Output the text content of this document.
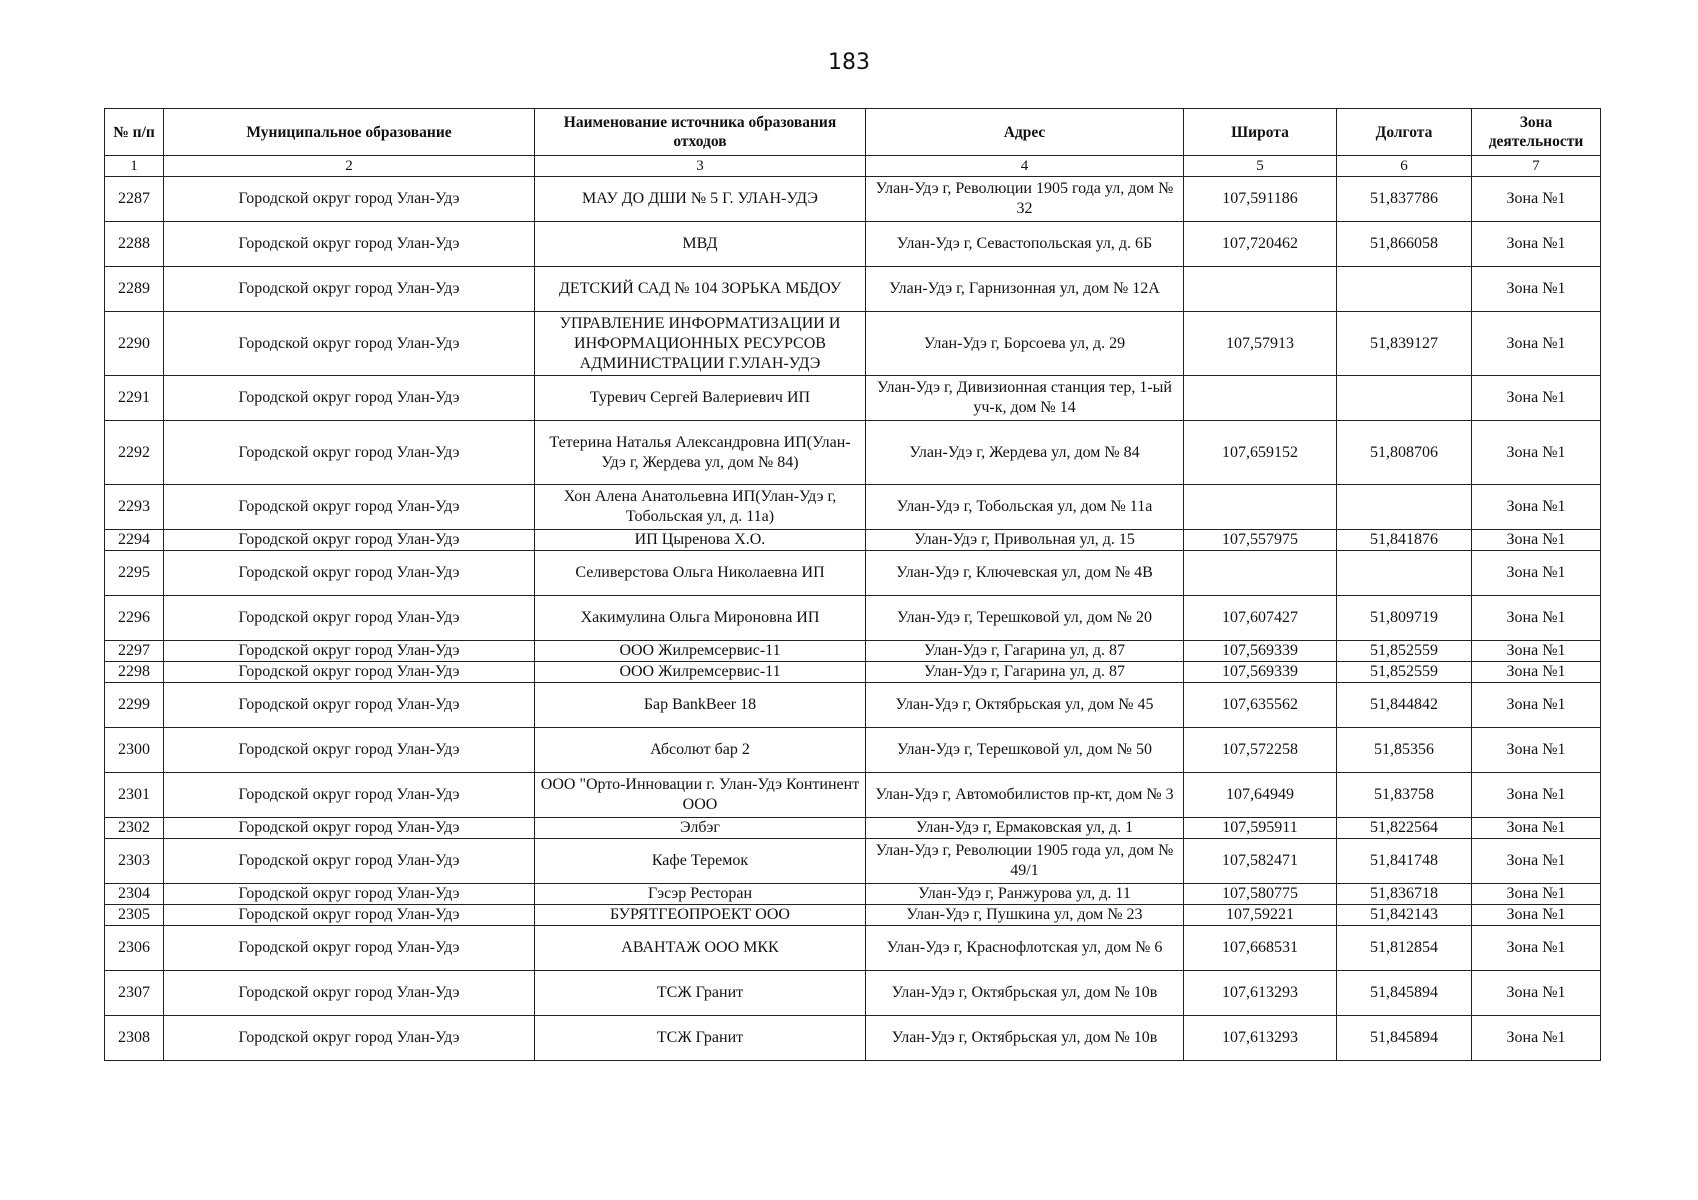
183
№ п/п	Муниципальное образование	Наименование источника образования отходов	Адрес	Широта	Долгота	Зона деятельности
1	2	3	4	5	6	7
2287	Городской округ город Улан-Удэ	МАУ ДО ДШИ № 5 Г. УЛАН-УДЭ	Улан-Удэ г, Революции 1905 года ул, дом № 32	107,591186	51,837786	Зона №1
2288	Городской округ город Улан-Удэ	МВД	Улан-Удэ г, Севастопольская ул, д. 6Б	107,720462	51,866058	Зона №1
2289	Городской округ город Улан-Удэ	ДЕТСКИЙ САД № 104 ЗОРЬКА МБДОУ	Улан-Удэ г, Гарнизонная ул, дом № 12А			Зона №1
2290	Городской округ город Улан-Удэ	УПРАВЛЕНИЕ ИНФОРМАТИЗАЦИИ И ИНФОРМАЦИОННЫХ РЕСУРСОВ АДМИНИСТРАЦИИ Г.УЛАН-УДЭ	Улан-Удэ г, Борсоева ул, д. 29	107,57913	51,839127	Зона №1
2291	Городской округ город Улан-Удэ	Туревич Сергей Валериевич ИП	Улан-Удэ г, Дивизионная станция тер, 1-ый уч-к, дом № 14			Зона №1
2292	Городской округ город Улан-Удэ	Тетерина Наталья Александровна ИП(Улан-Удэ г, Жердева ул, дом № 84)	Улан-Удэ г, Жердева ул, дом № 84	107,659152	51,808706	Зона №1
2293	Городской округ город Улан-Удэ	Хон Алена Анатольевна ИП(Улан-Удэ г, Тобольская ул, д. 11а)	Улан-Удэ г, Тобольская ул, дом № 11а			Зона №1
2294	Городской округ город Улан-Удэ	ИП Цыренова Х.О.	Улан-Удэ г, Привольная ул, д. 15	107,557975	51,841876	Зона №1
2295	Городской округ город Улан-Удэ	Селиверстова Ольга Николаевна ИП	Улан-Удэ г, Ключевская ул, дом № 4В			Зона №1
2296	Городской округ город Улан-Удэ	Хакимулина Ольга Мироновна ИП	Улан-Удэ г, Терешковой ул, дом № 20	107,607427	51,809719	Зона №1
2297	Городской округ город Улан-Удэ	ООО Жилремсервис-11	Улан-Удэ г, Гагарина ул, д. 87	107,569339	51,852559	Зона №1
2298	Городской округ город Улан-Удэ	ООО Жилремсервис-11	Улан-Удэ г, Гагарина ул, д. 87	107,569339	51,852559	Зона №1
2299	Городской округ город Улан-Удэ	Бар BankBeer 18	Улан-Удэ г, Октябрьская ул, дом № 45	107,635562	51,844842	Зона №1
2300	Городской округ город Улан-Удэ	Абсолют бар 2	Улан-Удэ г, Терешковой ул, дом № 50	107,572258	51,85356	Зона №1
2301	Городской округ город Улан-Удэ	ООО "Орто-Инновации г. Улан-Удэ Континент ООО	Улан-Удэ г, Автомобилистов пр-кт, дом № 3	107,64949	51,83758	Зона №1
2302	Городской округ город Улан-Удэ	Элбэг	Улан-Удэ г, Ермаковская ул, д. 1	107,595911	51,822564	Зона №1
2303	Городской округ город Улан-Удэ	Кафе Теремок	Улан-Удэ г, Революции 1905 года ул, дом № 49/1	107,582471	51,841748	Зона №1
2304	Городской округ город Улан-Удэ	Гэсэр Ресторан	Улан-Удэ г, Ранжурова ул, д. 11	107,580775	51,836718	Зона №1
2305	Городской округ город Улан-Удэ	БУРЯТГЕОПРОЕКТ ООО	Улан-Удэ г, Пушкина ул, дом № 23	107,59221	51,842143	Зона №1
2306	Городской округ город Улан-Удэ	АВАНТАЖ ООО МКК	Улан-Удэ г, Краснофлотская ул, дом № 6	107,668531	51,812854	Зона №1
2307	Городской округ город Улан-Удэ	ТСЖ Гранит	Улан-Удэ г, Октябрьская ул, дом № 10в	107,613293	51,845894	Зона №1
2308	Городской округ город Улан-Удэ	ТСЖ Гранит	Улан-Удэ г, Октябрьская ул, дом № 10в	107,613293	51,845894	Зона №1
